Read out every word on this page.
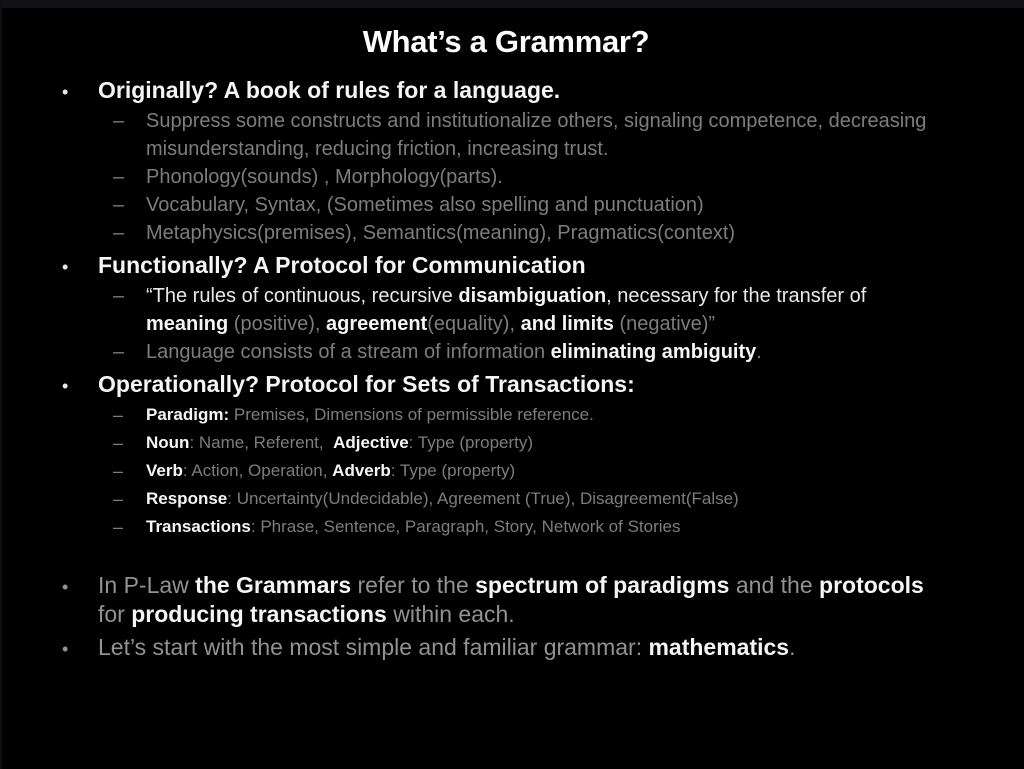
What’s a Grammar?
•	Originally? A book of rules for a language.
–	Suppress some constructs and institutionalize others, signaling competence, decreasing misunderstanding, reducing friction, increasing trust.
–	Phonology(sounds) , Morphology(parts).
–	Vocabulary, Syntax, (Sometimes also spelling and punctuation)
–	Metaphysics(premises), Semantics(meaning), Pragmatics(context)
•	Functionally? A Protocol for Communication
–	“The rules of continuous, recursive disambiguation, necessary for the transfer of meaning (positive), agreement(equality), and limits (negative)”
–	Language consists of a stream of information eliminating ambiguity.
•	Operationally? Protocol for Sets of Transactions:
–	Paradigm: Premises, Dimensions of permissible reference.
–	Noun: Name, Referent,  Adjective: Type (property)
–	Verb: Action, Operation, Adverb: Type (property)
–	Response: Uncertainty(Undecidable), Agreement (True), Disagreement(False)
–	Transactions: Phrase, Sentence, Paragraph, Story, Network of Stories
•	In P-Law the Grammars refer to the spectrum of paradigms and the protocols for producing transactions within each.
•	Let’s start with the most simple and familiar grammar: mathematics.
